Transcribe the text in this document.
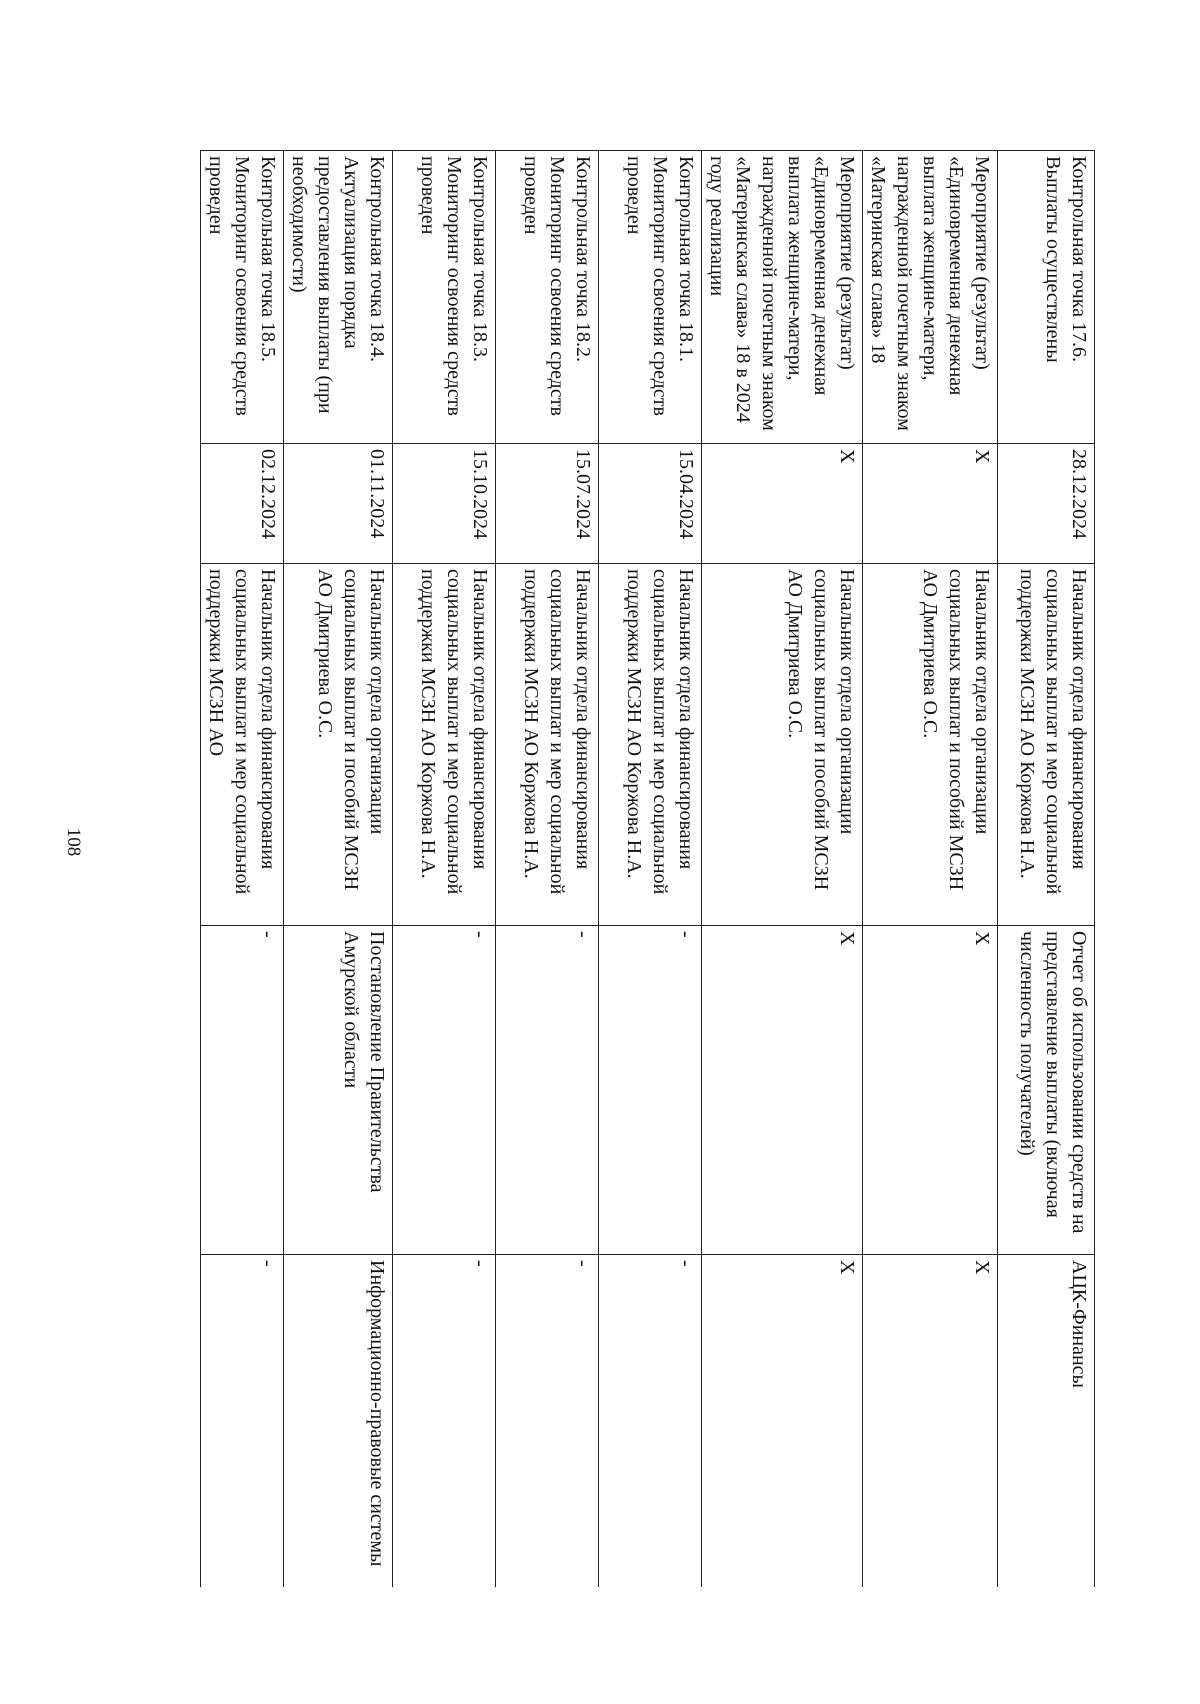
108
Контрольная точка 17.6. Выплаты осуществлены	28.12.2024	Начальник отдела финансирования социальных выплат и мер социальной поддержки МСЗН АО Коржова Н.А.	Отчет об использовании средств на представление выплаты (включая численность получателей)	АЦК-Финансы
Мероприятие (результат) «Единовременная денежная выплата женщине-матери, награжденной почетным знаком «Материнская слава» 18	Х	Начальник отдела организации социальных выплат и пособий МСЗН АО Дмитриева О.С.	Х	Х
Мероприятие (результат) «Единовременная денежная выплата женщине-матери, награжденной почетным знаком «Материнская слава» 18 в 2024 году реализации	Х	Начальник отдела организации социальных выплат и пособий МСЗН АО Дмитриева О.С.	Х	Х
Контрольная точка 18.1. Мониторинг освоения средств проведен	15.04.2024	Начальник отдела финансирования социальных выплат и мер социальной поддержки МСЗН АО Коржова Н.А.	-	-
Контрольная точка 18.2. Мониторинг освоения средств проведен	15.07.2024	Начальник отдела финансирования социальных выплат и мер социальной поддержки МСЗН АО Коржова Н.А.	-	-
Контрольная точка 18.3. Мониторинг освоения средств проведен	15.10.2024	Начальник отдела финансирования социальных выплат и мер социальной поддержки МСЗН АО Коржова Н.А.	-	-
Контрольная точка 18.4. Актуализация порядка предоставления выплаты (при необходимости)	01.11.2024	Начальник отдела организации социальных выплат и пособий МСЗН АО Дмитриева О.С.	Постановление Правительства Амурской области	Информационно-правовые системы
Контрольная точка 18.5. Мониторинг освоения средств проведен	02.12.2024	Начальник отдела финансирования социальных выплат и мер социальной поддержки МСЗН АО	-	-
